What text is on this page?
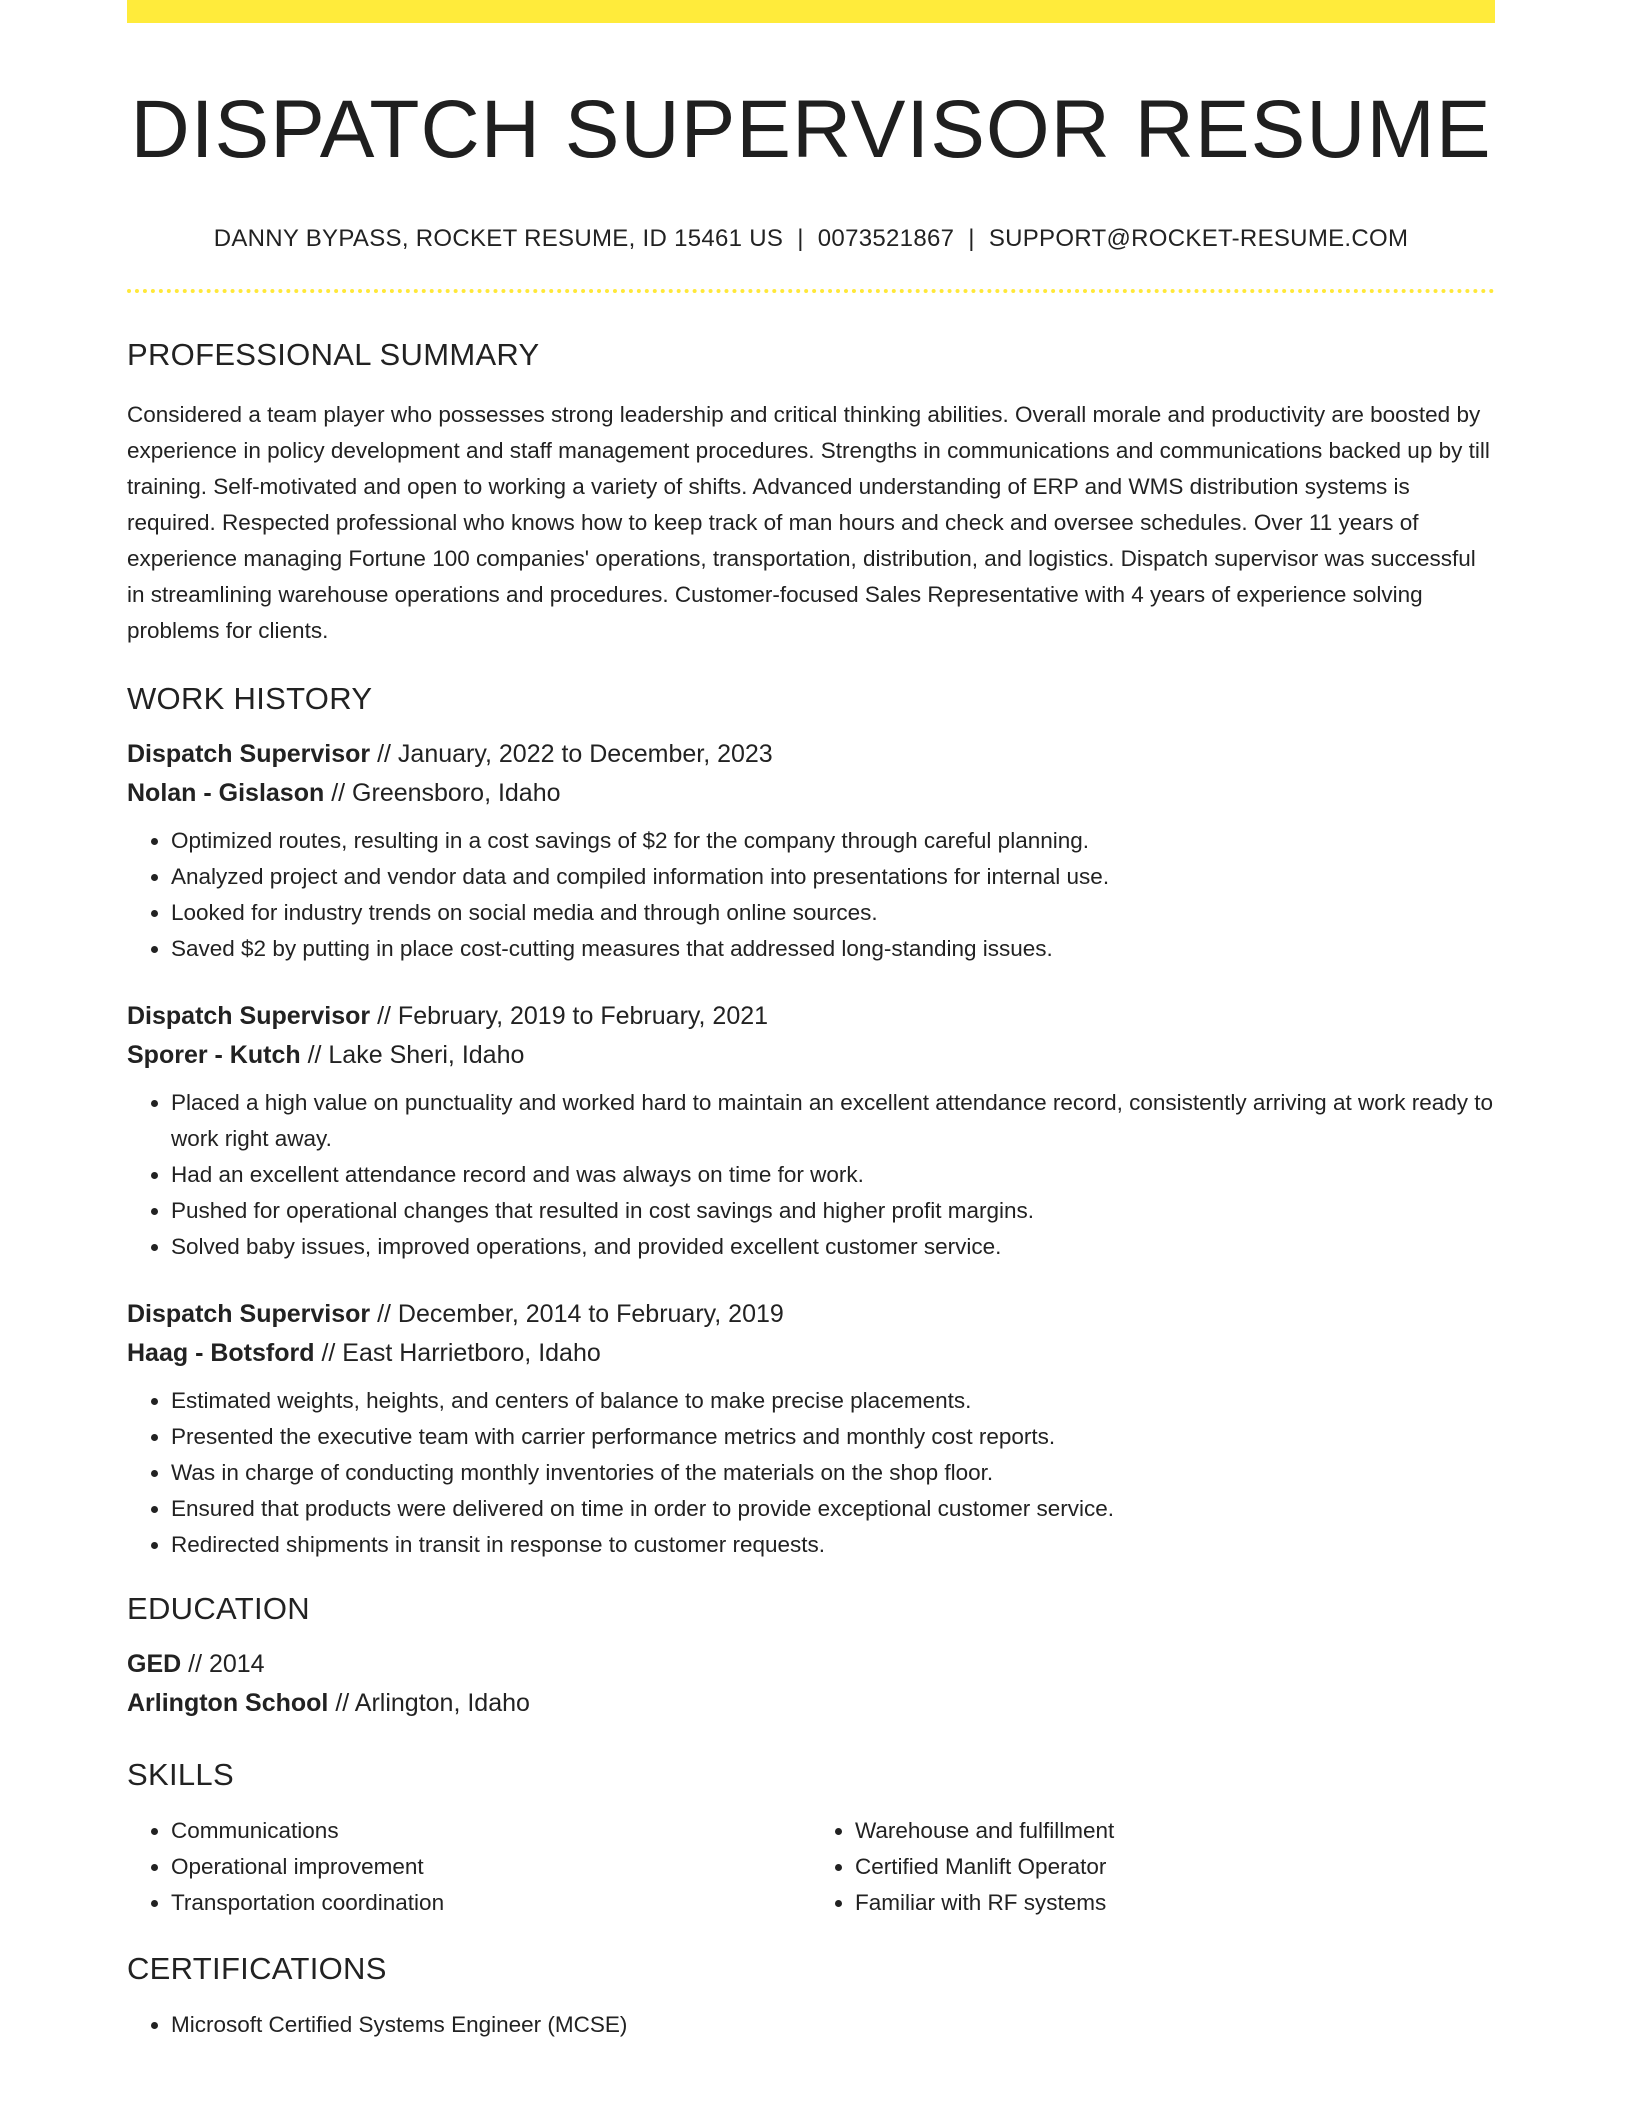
DISPATCH SUPERVISOR RESUME
DANNY BYPASS, ROCKET RESUME, ID 15461 US | 0073521867 | SUPPORT@ROCKET-RESUME.COM
PROFESSIONAL SUMMARY

Considered a team player who possesses strong leadership and critical thinking abilities. Overall morale and productivity are boosted by experience in policy development and staff management procedures. Strengths in communications and communications backed up by till training. Self-motivated and open to working a variety of shifts. Advanced understanding of ERP and WMS distribution systems is required. Respected professional who knows how to keep track of man hours and check and oversee schedules. Over 11 years of experience managing Fortune 100 companies' operations, transportation, distribution, and logistics. Dispatch supervisor was successful in streamlining warehouse operations and procedures. Customer-focused Sales Representative with 4 years of experience solving problems for clients.

WORK HISTORY
Dispatch Supervisor // January, 2022 to December, 2023
Nolan - Gislason // Greensboro, Idaho
• Optimized routes, resulting in a cost savings of $2 for the company through careful planning.
• Analyzed project and vendor data and compiled information into presentations for internal use.
• Looked for industry trends on social media and through online sources.
• Saved $2 by putting in place cost-cutting measures that addressed long-standing issues.
Dispatch Supervisor // February, 2019 to February, 2021
Sporer - Kutch // Lake Sheri, Idaho
• Placed a high value on punctuality and worked hard to maintain an excellent attendance record, consistently arriving at work ready to work right away.
• Had an excellent attendance record and was always on time for work.
• Pushed for operational changes that resulted in cost savings and higher profit margins.
• Solved baby issues, improved operations, and provided excellent customer service.
Dispatch Supervisor // December, 2014 to February, 2019
Haag - Botsford // East Harrietboro, Idaho
• Estimated weights, heights, and centers of balance to make precise placements.
• Presented the executive team with carrier performance metrics and monthly cost reports.
• Was in charge of conducting monthly inventories of the materials on the shop floor.
• Ensured that products were delivered on time in order to provide exceptional customer service.
• Redirected shipments in transit in response to customer requests.
EDUCATION
GED // 2014
Arlington School // Arlington, Idaho
SKILLS
• Communications
• Operational improvement
• Transportation coordination
• Warehouse and fulfillment
• Certified Manlift Operator
• Familiar with RF systems
CERTIFICATIONS
• Microsoft Certified Systems Engineer (MCSE)
